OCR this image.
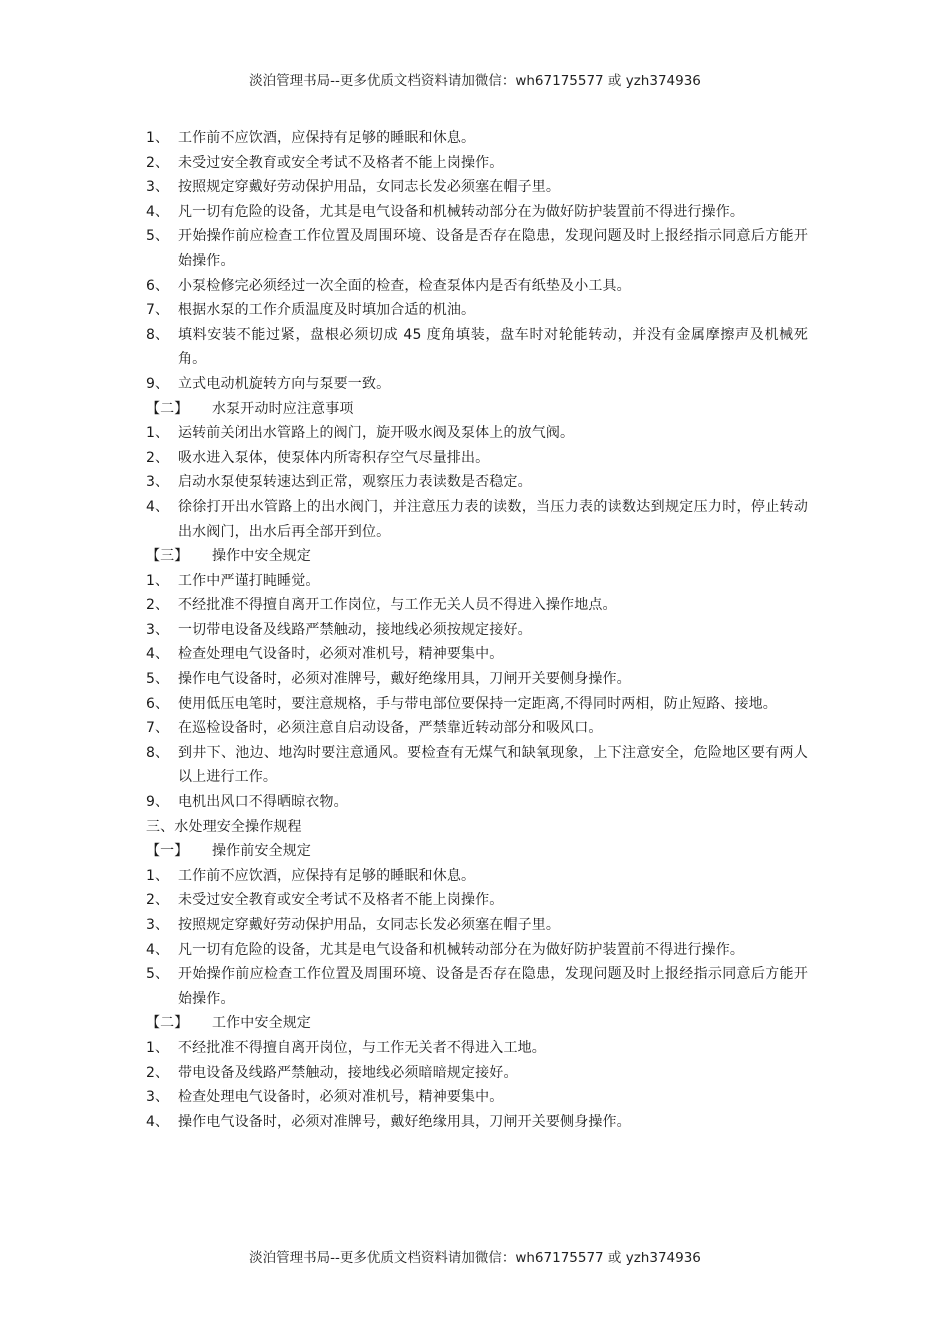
淡泊管理书局--更多优质文档资料请加微信：wh67175577 或 yzh374936
1、 工作前不应饮酒，应保持有足够的睡眠和休息。
2、 未受过安全教育或安全考试不及格者不能上岗操作。
3、 按照规定穿戴好劳动保护用品，女同志长发必须塞在帽子里。
4、 凡一切有危险的设备，尤其是电气设备和机械转动部分在为做好防护装置前不得进行操作。
5、 开始操作前应检查工作位置及周围环境、设备是否存在隐患，发现问题及时上报经指示同意后方能开始操作。
6、 小泵检修完必须经过一次全面的检查，检查泵体内是否有纸垫及小工具。
7、 根据水泵的工作介质温度及时填加合适的机油。
8、 填料安装不能过紧，盘根必须切成 45 度角填装，盘车时对轮能转动，并没有金属摩擦声及机械死角。
9、 立式电动机旋转方向与泵要一致。
【二】 水泵开动时应注意事项
1、 运转前关闭出水管路上的阀门，旋开吸水阀及泵体上的放气阀。
2、 吸水进入泵体，使泵体内所寄积存空气尽量排出。
3、 启动水泵使泵转速达到正常，观察压力表读数是否稳定。
4、 徐徐打开出水管路上的出水阀门，并注意压力表的读数，当压力表的读数达到规定压力时，停止转动出水阀门，出水后再全部开到位。
【三】 操作中安全规定
1、 工作中严谨打盹睡觉。
2、 不经批准不得擅自离开工作岗位，与工作无关人员不得进入操作地点。
3、 一切带电设备及线路严禁触动，接地线必须按规定接好。
4、 检查处理电气设备时，必须对准机号，精神要集中。
5、 操作电气设备时，必须对准牌号，戴好绝缘用具，刀闸开关要侧身操作。
6、 使用低压电笔时，要注意规格，手与带电部位要保持一定距离,不得同时两相，防止短路、接地。
7、 在巡检设备时，必须注意自启动设备，严禁靠近转动部分和吸风口。
8、 到井下、池边、地沟时要注意通风。要检查有无煤气和缺氧现象，上下注意安全，危险地区要有两人以上进行工作。
9、 电机出风口不得晒晾衣物。
三、水处理安全操作规程
【一】 操作前安全规定
1、 工作前不应饮酒，应保持有足够的睡眠和休息。
2、 未受过安全教育或安全考试不及格者不能上岗操作。
3、 按照规定穿戴好劳动保护用品，女同志长发必须塞在帽子里。
4、 凡一切有危险的设备，尤其是电气设备和机械转动部分在为做好防护装置前不得进行操作。
5、 开始操作前应检查工作位置及周围环境、设备是否存在隐患，发现问题及时上报经指示同意后方能开始操作。
【二】 工作中安全规定
1、 不经批准不得擅自离开岗位，与工作无关者不得进入工地。
2、 带电设备及线路严禁触动，接地线必须暗暗规定接好。
3、 检查处理电气设备时，必须对准机号，精神要集中。
4、 操作电气设备时，必须对准牌号，戴好绝缘用具，刀闸开关要侧身操作。
淡泊管理书局--更多优质文档资料请加微信：wh67175577 或 yzh374936
